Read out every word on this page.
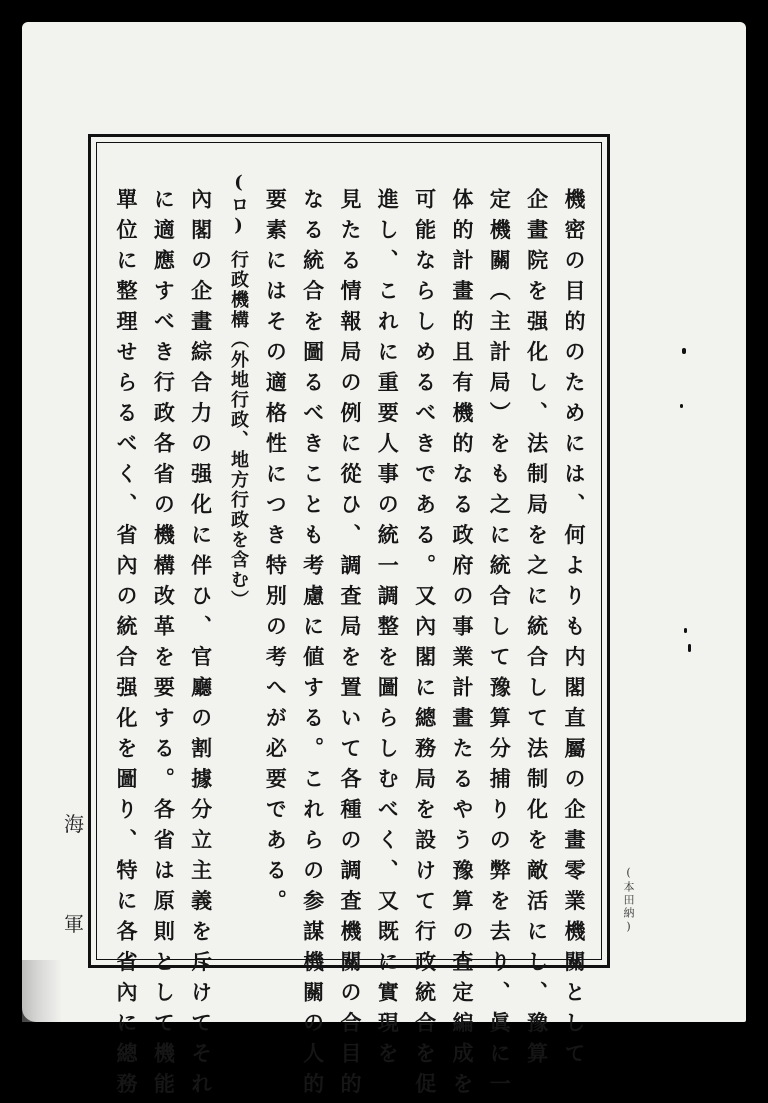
機密の目的のためには、何よりも内閣直屬の企畫零業機關として
企畫院を强化し、法制局を之に統合して法制化を敵活にし、豫算
定機關（主計局）をも之に統合して豫算分捕りの弊を去り、眞に一
体的計畫的且有機的なる政府の事業計畫たるやう豫算の査定編成を
可能ならしめるべきである。又內閣に總務局を設けて行政統合を促
進し、これに重要人事の統一調整を圖らしむべく、又既に實現を
見たる情報局の例に從ひ、調査局を置いて各種の調査機關の合目的
なる統合を圖るべきことも考慮に値する。これらの参謀機關の人的
要素にはその適格性につき特別の考へが必要である。
(ロ)
行政機構（外地行政、地方行政を含む）
內閣の企畫綜合力の强化に伴ひ、官廳の割據分立主義を斥けてそれ
に適應すべき行政各省の機構改革を要する。各省は原則として機能
單位に整理せらるべく、省內の統合强化を圖り、特に各省內に總務
海
軍	(本田納)
